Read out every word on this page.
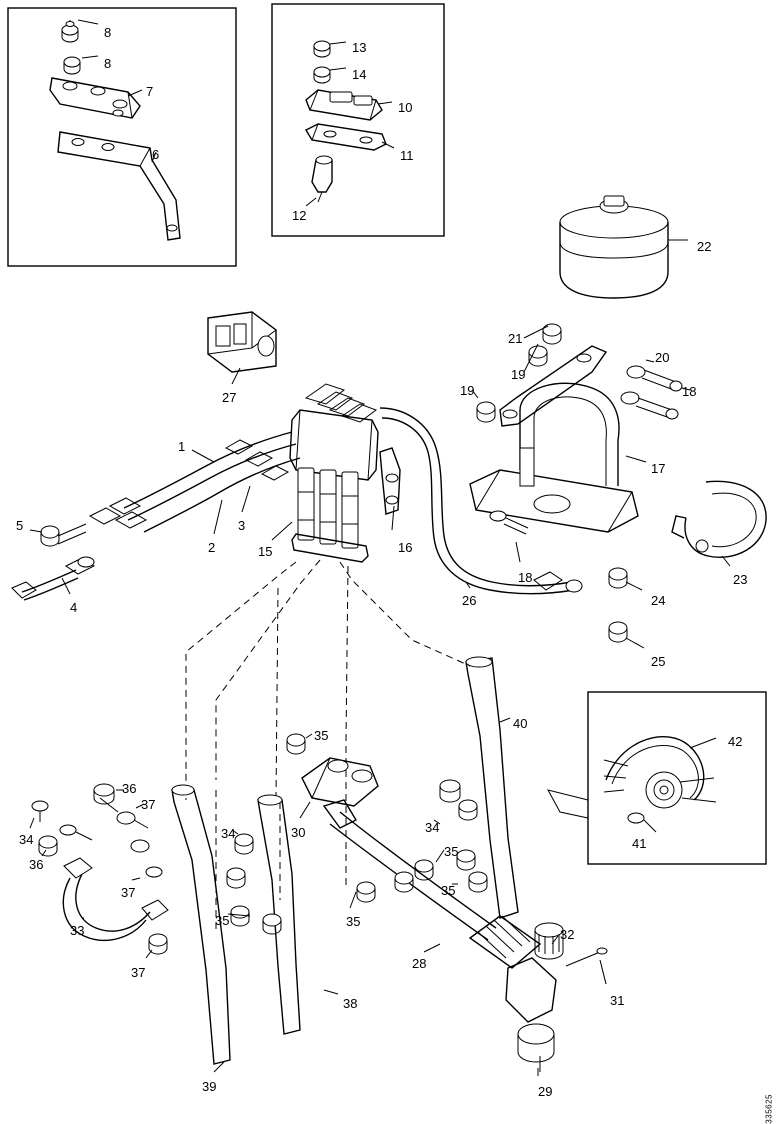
1
2
3
4
5
6
7
8
8
10
11
12
13
14
15	16
17
18
18
19
19
20
21
22
23
24
25
26
27
28
29
30
31
32
33
34	34	34
35
35
35
35
35
36
36
37
37
37
38
39
40
41
42
335625
